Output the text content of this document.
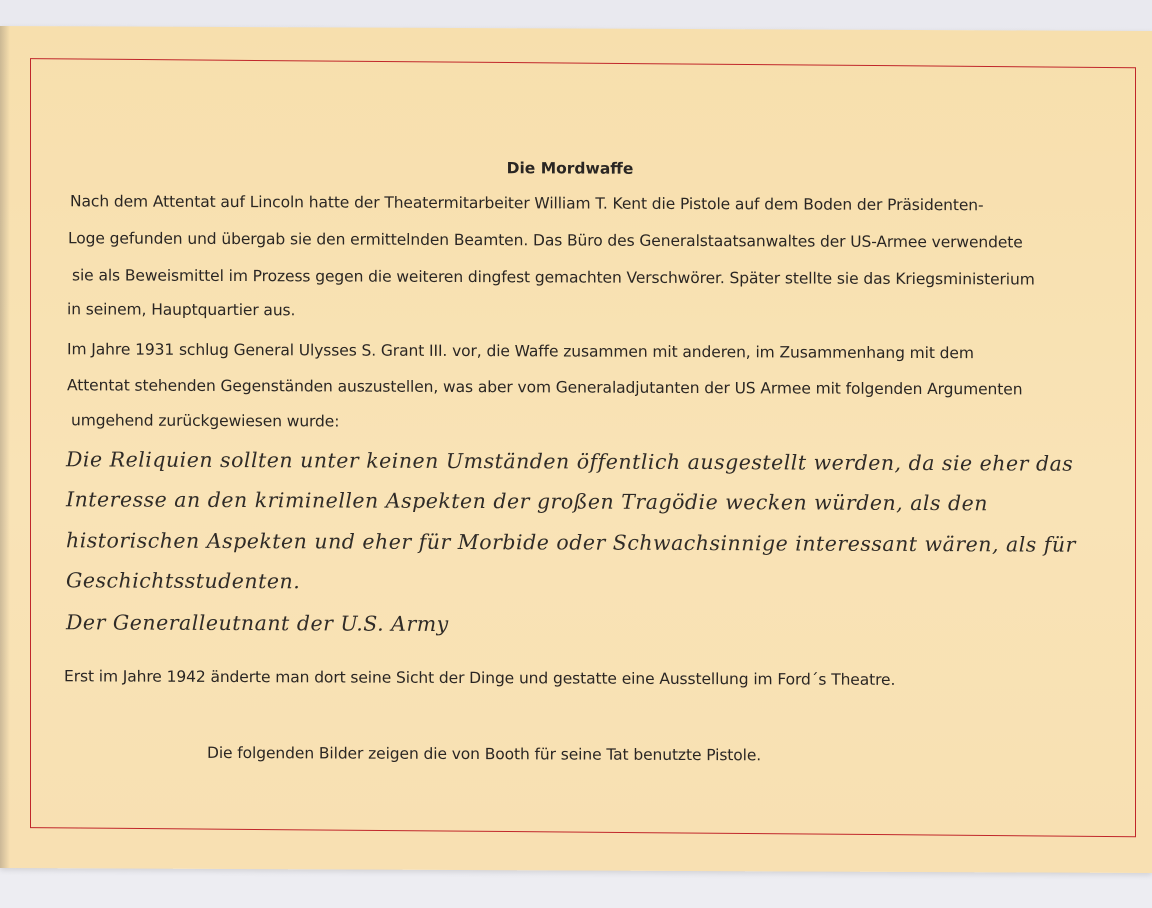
Die Mordwaffe
Nach dem Attentat auf Lincoln hatte der Theatermitarbeiter William T. Kent die Pistole auf dem Boden der Präsidenten-
Loge gefunden und übergab sie den ermittelnden Beamten. Das Büro des Generalstaatsanwaltes der US-Armee verwendete
sie als Beweismittel im Prozess gegen die weiteren dingfest gemachten Verschwörer. Später stellte sie das Kriegsministerium
in seinem, Hauptquartier aus.
Im Jahre 1931 schlug General Ulysses S. Grant III. vor, die Waffe zusammen mit anderen, im Zusammenhang mit dem
Attentat stehenden Gegenständen auszustellen, was aber vom Generaladjutanten der US Armee mit folgenden Argumenten
umgehend zurückgewiesen wurde:
Die Reliquien sollten unter keinen Umständen öffentlich ausgestellt werden, da sie eher das
Interesse an den kriminellen Aspekten der großen Tragödie wecken würden, als den
historischen Aspekten und eher für Morbide oder Schwachsinnige interessant wären, als für
Geschichtsstudenten.
Der Generalleutnant der U.S. Army
Erst im Jahre 1942 änderte man dort seine Sicht der Dinge und gestatte eine Ausstellung im Ford´s Theatre.
Die folgenden Bilder zeigen die von Booth für seine Tat benutzte Pistole.
